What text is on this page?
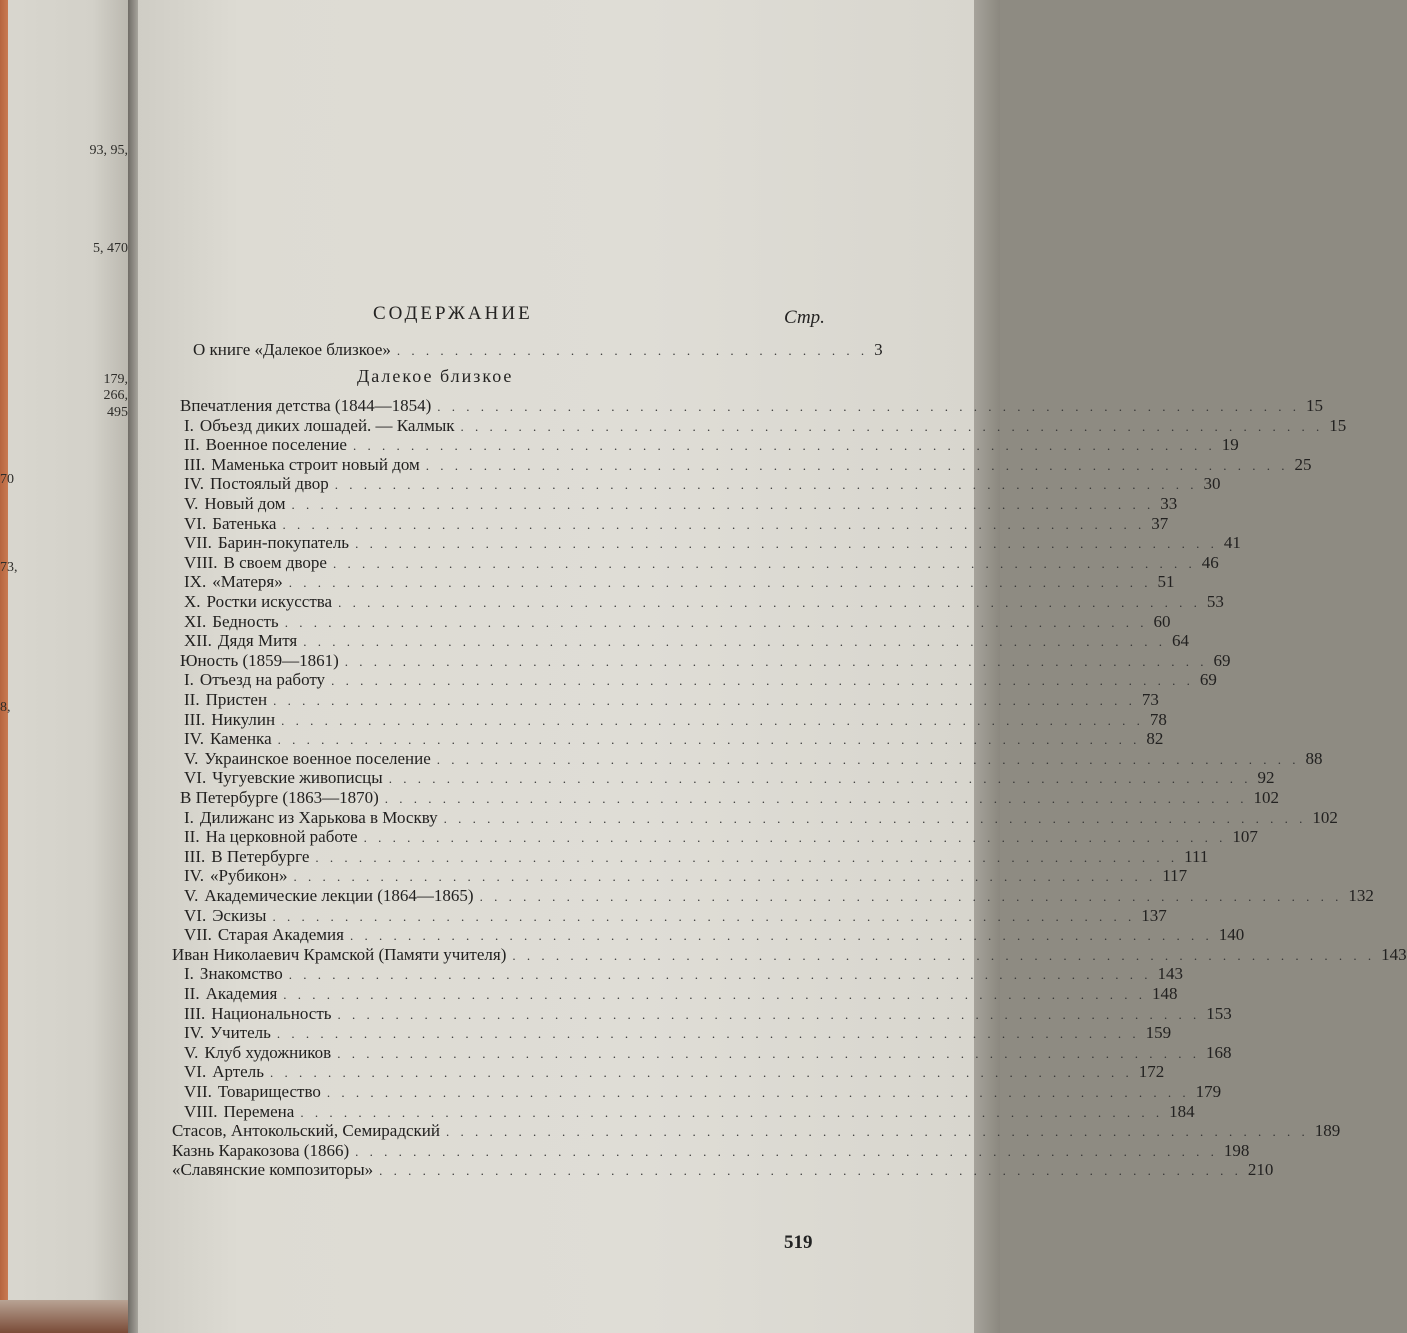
93, 95,
5, 470
179,
266,
495
70
73,
8,
СОДЕРЖАНИЕ	Стр.
О книге «Далекое близкое» . . . . . . . . . . . . . . . . . . . . . . . . . . . . . . . . . 3
Далекое близкое
Впечатления детства (1844—1854) . . . . . . . . . . . . . . . . . . . . . . . . . . . . . . . . . . . . . . . . . . . . . . . . . . . . . . . . . . . . 15
I. Объезд диких лошадей. — Калмык . . . . . . . . . . . . . . . . . . . . . . . . . . . . . . . . . . . . . . . . . . . . . . . . . . . . . . . . . . . . 15
II. Военное поселение . . . . . . . . . . . . . . . . . . . . . . . . . . . . . . . . . . . . . . . . . . . . . . . . . . . . . . . . . . . . 19
III. Маменька строит новый дом . . . . . . . . . . . . . . . . . . . . . . . . . . . . . . . . . . . . . . . . . . . . . . . . . . . . . . . . . . . . 25
IV. Постоялый двор . . . . . . . . . . . . . . . . . . . . . . . . . . . . . . . . . . . . . . . . . . . . . . . . . . . . . . . . . . . . 30
V. Новый дом . . . . . . . . . . . . . . . . . . . . . . . . . . . . . . . . . . . . . . . . . . . . . . . . . . . . . . . . . . . . 33
VI. Батенька . . . . . . . . . . . . . . . . . . . . . . . . . . . . . . . . . . . . . . . . . . . . . . . . . . . . . . . . . . . . 37
VII. Барин-покупатель . . . . . . . . . . . . . . . . . . . . . . . . . . . . . . . . . . . . . . . . . . . . . . . . . . . . . . . . . . . . 41
VIII. В своем дворе . . . . . . . . . . . . . . . . . . . . . . . . . . . . . . . . . . . . . . . . . . . . . . . . . . . . . . . . . . . . 46
IX. «Матеря» . . . . . . . . . . . . . . . . . . . . . . . . . . . . . . . . . . . . . . . . . . . . . . . . . . . . . . . . . . . . 51
X. Ростки искусства . . . . . . . . . . . . . . . . . . . . . . . . . . . . . . . . . . . . . . . . . . . . . . . . . . . . . . . . . . . . 53
XI. Бедность . . . . . . . . . . . . . . . . . . . . . . . . . . . . . . . . . . . . . . . . . . . . . . . . . . . . . . . . . . . . 60
XII. Дядя Митя . . . . . . . . . . . . . . . . . . . . . . . . . . . . . . . . . . . . . . . . . . . . . . . . . . . . . . . . . . . . 64
Юность (1859—1861) . . . . . . . . . . . . . . . . . . . . . . . . . . . . . . . . . . . . . . . . . . . . . . . . . . . . . . . . . . . . 69
I. Отъезд на работу . . . . . . . . . . . . . . . . . . . . . . . . . . . . . . . . . . . . . . . . . . . . . . . . . . . . . . . . . . . . 69
II. Пристен . . . . . . . . . . . . . . . . . . . . . . . . . . . . . . . . . . . . . . . . . . . . . . . . . . . . . . . . . . . . 73
III. Никулин . . . . . . . . . . . . . . . . . . . . . . . . . . . . . . . . . . . . . . . . . . . . . . . . . . . . . . . . . . . . 78
IV. Каменка . . . . . . . . . . . . . . . . . . . . . . . . . . . . . . . . . . . . . . . . . . . . . . . . . . . . . . . . . . . . 82
V. Украинское военное поселение . . . . . . . . . . . . . . . . . . . . . . . . . . . . . . . . . . . . . . . . . . . . . . . . . . . . . . . . . . . . 88
VI. Чугуевские живописцы . . . . . . . . . . . . . . . . . . . . . . . . . . . . . . . . . . . . . . . . . . . . . . . . . . . . . . . . . . . . 92
В Петербурге (1863—1870) . . . . . . . . . . . . . . . . . . . . . . . . . . . . . . . . . . . . . . . . . . . . . . . . . . . . . . . . . . . . 102
I. Дилижанс из Харькова в Москву . . . . . . . . . . . . . . . . . . . . . . . . . . . . . . . . . . . . . . . . . . . . . . . . . . . . . . . . . . . . 102
II. На церковной работе . . . . . . . . . . . . . . . . . . . . . . . . . . . . . . . . . . . . . . . . . . . . . . . . . . . . . . . . . . . . 107
III. В Петербурге . . . . . . . . . . . . . . . . . . . . . . . . . . . . . . . . . . . . . . . . . . . . . . . . . . . . . . . . . . . . 111
IV. «Рубикон» . . . . . . . . . . . . . . . . . . . . . . . . . . . . . . . . . . . . . . . . . . . . . . . . . . . . . . . . . . . . 117
V. Академические лекции (1864—1865) . . . . . . . . . . . . . . . . . . . . . . . . . . . . . . . . . . . . . . . . . . . . . . . . . . . . . . . . . . . . 132
VI. Эскизы . . . . . . . . . . . . . . . . . . . . . . . . . . . . . . . . . . . . . . . . . . . . . . . . . . . . . . . . . . . . 137
VII. Старая Академия . . . . . . . . . . . . . . . . . . . . . . . . . . . . . . . . . . . . . . . . . . . . . . . . . . . . . . . . . . . . 140
Иван Николаевич Крамской (Памяти учителя) . . . . . . . . . . . . . . . . . . . . . . . . . . . . . . . . . . . . . . . . . . . . . . . . . . . . . . . . . . . . 143
I. Знакомство . . . . . . . . . . . . . . . . . . . . . . . . . . . . . . . . . . . . . . . . . . . . . . . . . . . . . . . . . . . . 143
II. Академия . . . . . . . . . . . . . . . . . . . . . . . . . . . . . . . . . . . . . . . . . . . . . . . . . . . . . . . . . . . . 148
III. Национальность . . . . . . . . . . . . . . . . . . . . . . . . . . . . . . . . . . . . . . . . . . . . . . . . . . . . . . . . . . . . 153
IV. Учитель . . . . . . . . . . . . . . . . . . . . . . . . . . . . . . . . . . . . . . . . . . . . . . . . . . . . . . . . . . . . 159
V. Клуб художников . . . . . . . . . . . . . . . . . . . . . . . . . . . . . . . . . . . . . . . . . . . . . . . . . . . . . . . . . . . . 168
VI. Артель . . . . . . . . . . . . . . . . . . . . . . . . . . . . . . . . . . . . . . . . . . . . . . . . . . . . . . . . . . . . 172
VII. Товарищество . . . . . . . . . . . . . . . . . . . . . . . . . . . . . . . . . . . . . . . . . . . . . . . . . . . . . . . . . . . . 179
VIII. Перемена . . . . . . . . . . . . . . . . . . . . . . . . . . . . . . . . . . . . . . . . . . . . . . . . . . . . . . . . . . . . 184
Стасов, Антокольский, Семирадский . . . . . . . . . . . . . . . . . . . . . . . . . . . . . . . . . . . . . . . . . . . . . . . . . . . . . . . . . . . . 189
Казнь Каракозова (1866) . . . . . . . . . . . . . . . . . . . . . . . . . . . . . . . . . . . . . . . . . . . . . . . . . . . . . . . . . . . . 198
«Славянские композиторы» . . . . . . . . . . . . . . . . . . . . . . . . . . . . . . . . . . . . . . . . . . . . . . . . . . . . . . . . . . . . 210
519
